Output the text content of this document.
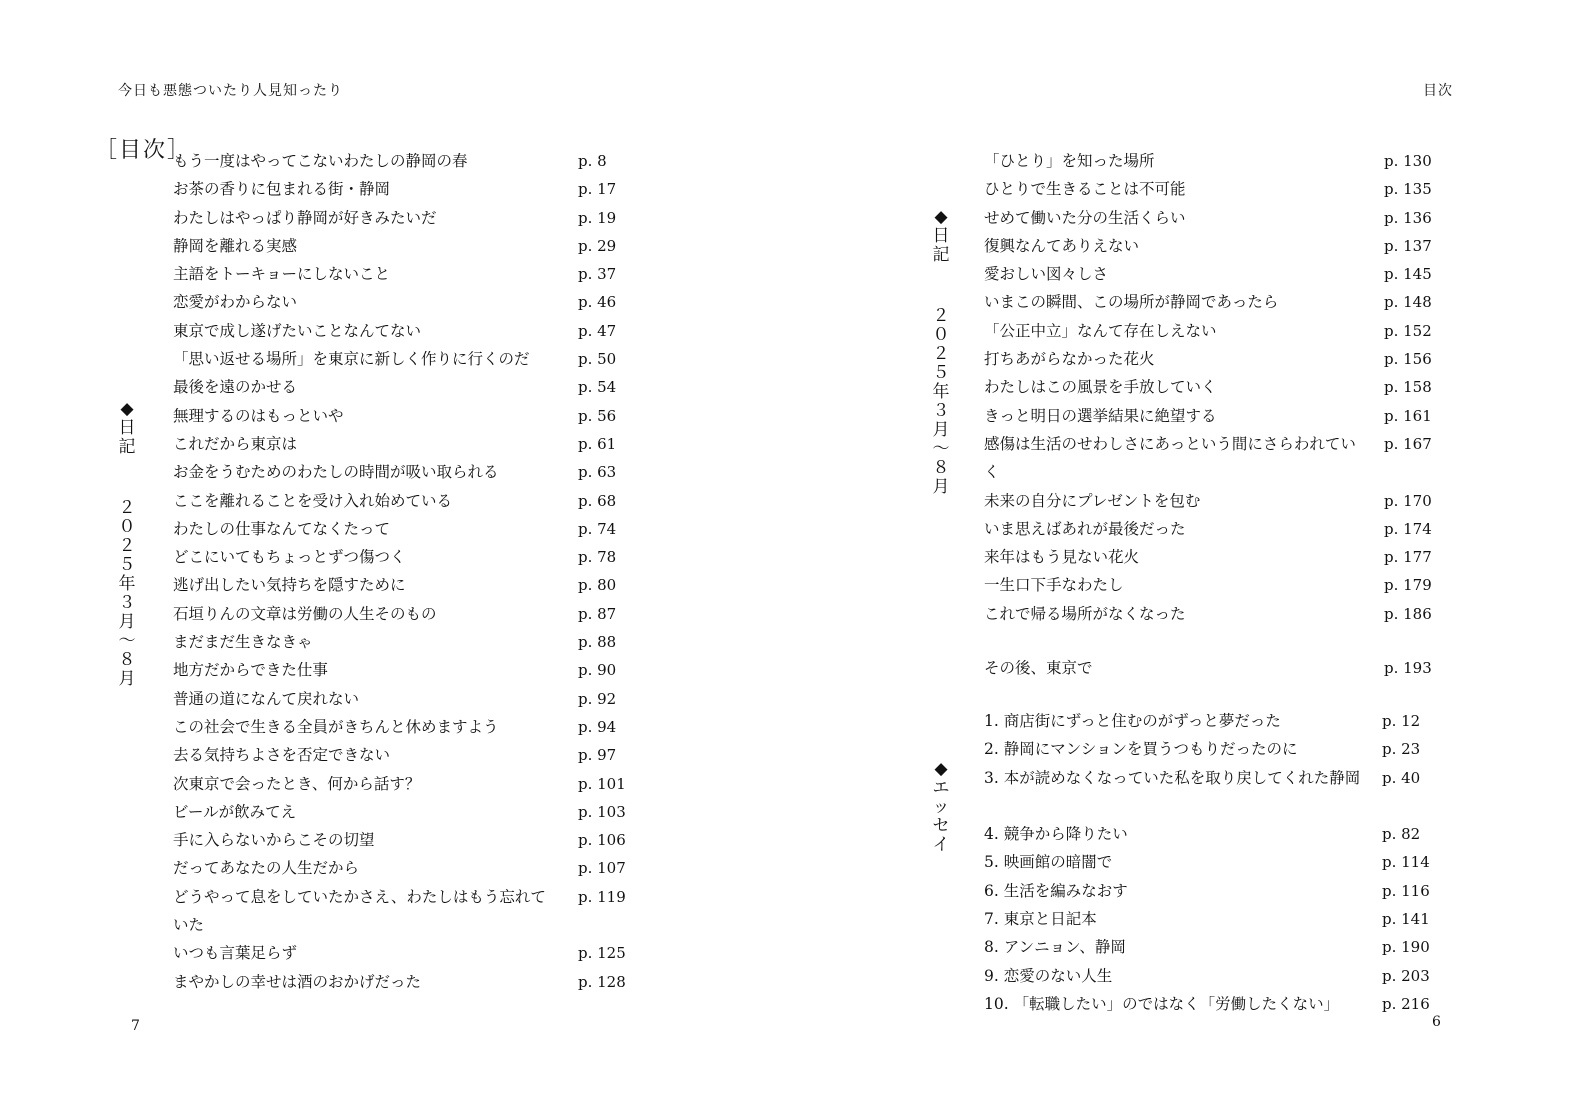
今日も悪態ついたり人見知ったり
［目次］
◆
日
記
２
０
２
５
年
３
月
～
８
月
もう一度はやってこないわたしの静岡の春	p. 8
お茶の香りに包まれる街・静岡	p. 17
わたしはやっぱり静岡が好きみたいだ	p. 19
静岡を離れる実感	p. 29
主語をトーキョーにしないこと	p. 37
恋愛がわからない	p. 46
東京で成し遂げたいことなんてない	p. 47
「思い返せる場所」を東京に新しく作りに行くのだ	p. 50
最後を遠のかせる	p. 54
無理するのはもっといや	p. 56
これだから東京は	p. 61
お金をうむためのわたしの時間が吸い取られる	p. 63
ここを離れることを受け入れ始めている	p. 68
わたしの仕事なんてなくたって	p. 74
どこにいてもちょっとずつ傷つく	p. 78
逃げ出したい気持ちを隠すために	p. 80
石垣りんの文章は労働の人生そのもの	p. 87
まだまだ生きなきゃ	p. 88
地方だからできた仕事	p. 90
普通の道になんて戻れない	p. 92
この社会で生きる全員がきちんと休めますよう	p. 94
去る気持ちよさを否定できない	p. 97
次東京で会ったとき、何から話す？	p. 101
ビールが飲みてえ	p. 103
手に入らないからこその切望	p. 106
だってあなたの人生だから	p. 107
どうやって息をしていたかさえ、わたしはもう忘れていた
p. 119
いつも言葉足らず	p. 125
まやかしの幸せは酒のおかげだった	p. 128
7
目次
◆
日
記
２
０
２
５
年
３
月
～
８
月
「ひとり」を知った場所	p. 130
ひとりで生きることは不可能	p. 135
せめて働いた分の生活くらい	p. 136
復興なんてありえない	p. 137
愛おしい図々しさ	p. 145
いまこの瞬間、この場所が静岡であったら	p. 148
「公正中立」なんて存在しえない	p. 152
打ちあがらなかった花火	p. 156
わたしはこの風景を手放していく	p. 158
きっと明日の選挙結果に絶望する	p. 161
感傷は生活のせわしさにあっという間にさらわれていく
p. 167
未来の自分にプレゼントを包む	p. 170
いま思えばあれが最後だった	p. 174
来年はもう見ない花火	p. 177
一生口下手なわたし	p. 179
これで帰る場所がなくなった	p. 186
その後、東京で	p. 193
◆
エ
ッ
セ
イ
1. 商店街にずっと住むのがずっと夢だった	p. 12
2. 静岡にマンションを買うつもりだったのに	p. 23
3. 本が読めなくなっていた私を取り戻してくれた静岡	p. 40
4. 競争から降りたい	p. 82
5. 映画館の暗闇で	p. 114
6. 生活を編みなおす	p. 116
7. 東京と日記本	p. 141
8. アンニョン、静岡	p. 190
9. 恋愛のない人生	p. 203
10. 「転職したい」のではなく「労働したくない」	p. 216
6
